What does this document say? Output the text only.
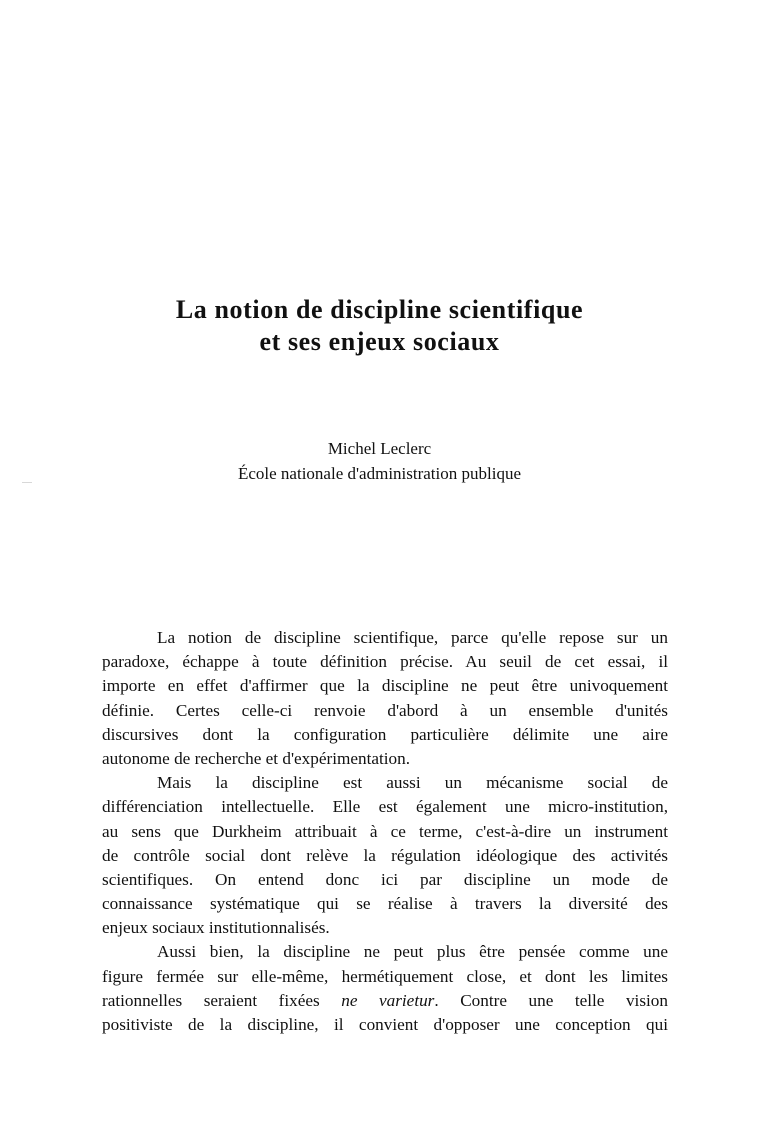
La notion de discipline scientifique
et ses enjeux sociaux
Michel Leclerc
École nationale d'administration publique
La notion de discipline scientifique, parce qu'elle repose sur un
paradoxe, échappe à toute définition précise. Au seuil de cet essai, il
importe en effet d'affirmer que la discipline ne peut être univoquement
définie. Certes celle-ci renvoie d'abord à un ensemble d'unités
discursives dont la configuration particulière délimite une aire
autonome de recherche et d'expérimentation.
Mais la discipline est aussi un mécanisme social de
différenciation intellectuelle. Elle est également une micro-institution,
au sens que Durkheim attribuait à ce terme, c'est-à-dire un instrument
de contrôle social dont relève la régulation idéologique des activités
scientifiques. On entend donc ici par discipline un mode de
connaissance systématique qui se réalise à travers la diversité des
enjeux sociaux institutionnalisés.
Aussi bien, la discipline ne peut plus être pensée comme une
figure fermée sur elle-même, hermétiquement close, et dont les limites
rationnelles seraient fixées ne varietur. Contre une telle vision
positiviste de la discipline, il convient d'opposer une conception qui
